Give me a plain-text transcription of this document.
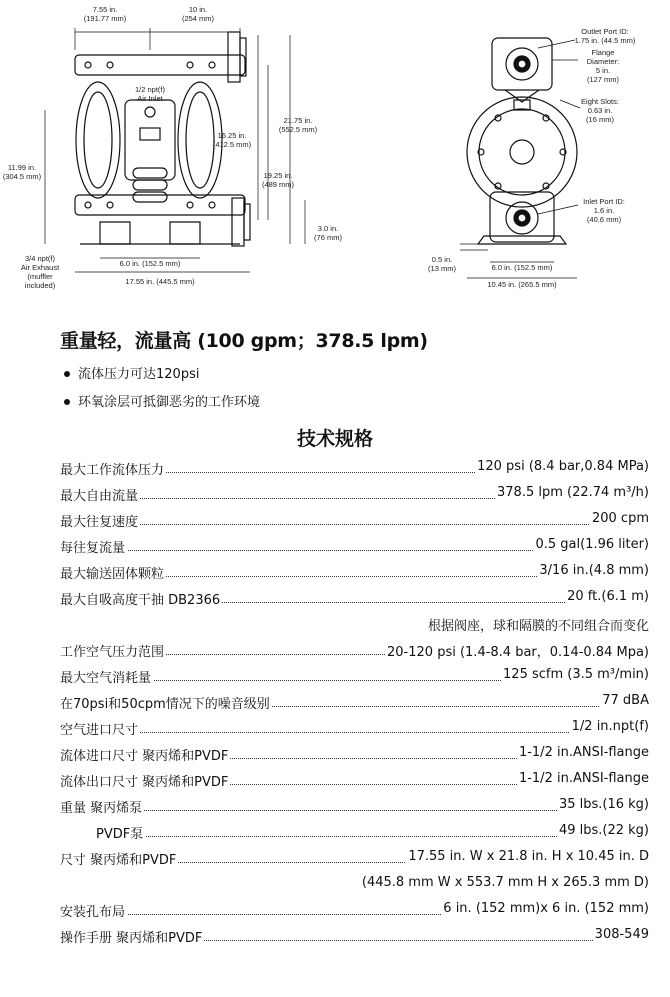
7.55 in.
(191.77 mm)
10 in.
(254 mm)
1/2 npt(f)
Air Inlet
11.99 in.
(304.5 mm)
16.25 in.
(412.5 mm)
21.75 in.
(552.5 mm)
19.25 in.
(489 mm)
3.0 in.
(76 mm)
3/4 npt(f)
Air Exhaust
(muffler
included)
6.0 in. (152.5 mm)
17.55 in. (445.5 mm)
Outlet Port ID:
1.75 in. (44.5 mm)
Flange
Diameter:
5 in.
(127 mm)
Eight Slots:
0.63 in.
(16 mm)
Inlet Port ID:
1.6 in.
(40.6 mm)
0.5 in.
(13 mm)	6.0 in. (152.5 mm)
10.45 in. (265.5 mm)
重量轻，流量高 (100 gpm；378.5 lpm)
流体压力可达120psi
环氧涂层可抵御恶劣的工作环境
技术规格
最大工作流体压力	120 psi (8.4 bar,0.84 MPa)
最大自由流量	378.5 lpm (22.74 m³/h)
最大往复速度	200 cpm
每往复流量	0.5 gal(1.96 liter)
最大输送固体颗粒	3/16 in.(4.8 mm)
最大自吸高度干抽 DB2366	20 ft.(6.1 m)
根据阀座，球和隔膜的不同组合而变化
工作空气压力范围	20-120 psi (1.4-8.4 bar，0.14-0.84 Mpa)
最大空气消耗量	125 scfm (3.5 m³/min)
在70psi和50cpm情况下的噪音级别	77 dBA
空气进口尺寸	1/2 in.npt(f)
流体进口尺寸 聚丙烯和PVDF	1-1/2 in.ANSI-flange
流体出口尺寸 聚丙烯和PVDF	1-1/2 in.ANSI-flange
重量 聚丙烯泵	35 lbs.(16 kg)
PVDF泵	49 lbs.(22 kg)
尺寸 聚丙烯和PVDF	17.55 in. W x 21.8 in. H x 10.45 in. D
(445.8 mm W x 553.7 mm H x 265.3 mm D)
安装孔布局	6 in. (152 mm)x 6 in. (152 mm)
操作手册 聚丙烯和PVDF	308-549
